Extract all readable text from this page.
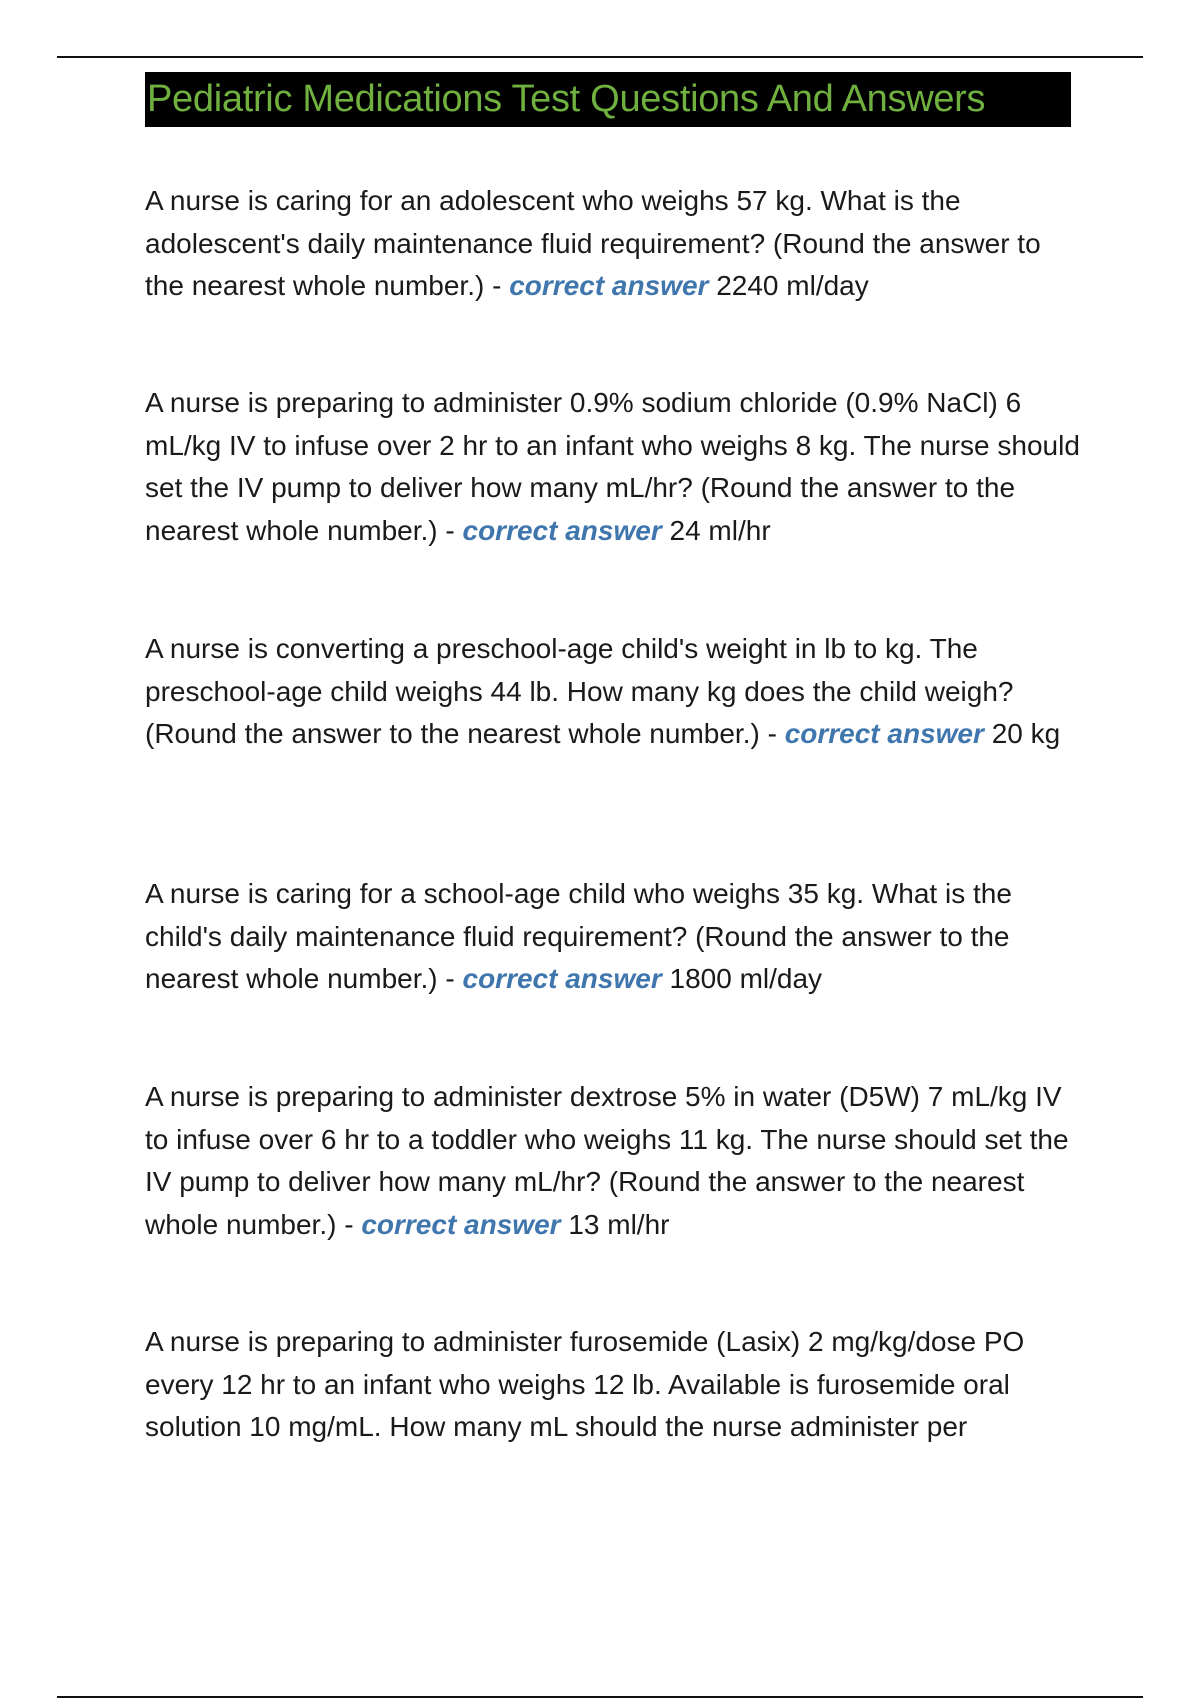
Pediatric Medications Test Questions And Answers

A nurse is caring for an adolescent who weighs 57 kg. What is the adolescent's daily maintenance fluid requirement? (Round the answer to the nearest whole number.) - correct answer 2240 ml/day

A nurse is preparing to administer 0.9% sodium chloride (0.9% NaCl) 6 mL/kg IV to infuse over 2 hr to an infant who weighs 8 kg. The nurse should set the IV pump to deliver how many mL/hr? (Round the answer to the nearest whole number.) - correct answer 24 ml/hr

A nurse is converting a preschool-age child's weight in lb to kg. The preschool-age child weighs 44 lb. How many kg does the child weigh? (Round the answer to the nearest whole number.) - correct answer 20 kg

A nurse is caring for a school-age child who weighs 35 kg. What is the child's daily maintenance fluid requirement? (Round the answer to the nearest whole number.) - correct answer 1800 ml/day

A nurse is preparing to administer dextrose 5% in water (D5W) 7 mL/kg IV to infuse over 6 hr to a toddler who weighs 11 kg. The nurse should set the IV pump to deliver how many mL/hr? (Round the answer to the nearest whole number.) - correct answer 13 ml/hr

A nurse is preparing to administer furosemide (Lasix) 2 mg/kg/dose PO every 12 hr to an infant who weighs 12 lb. Available is furosemide oral solution 10 mg/mL. How many mL should the nurse administer per
